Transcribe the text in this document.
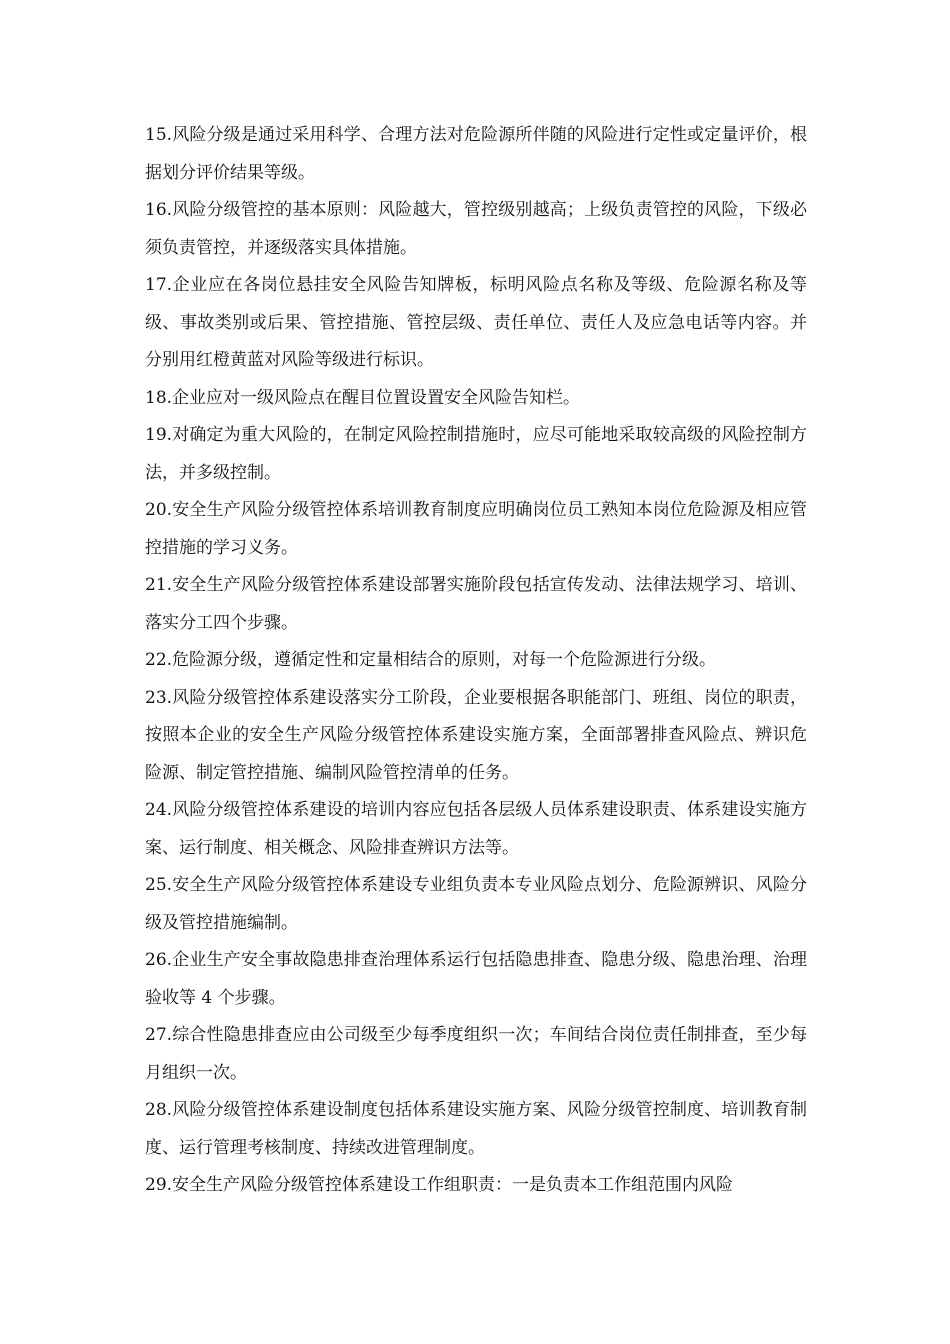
15.风险分级是通过采用科学、合理方法对危险源所伴随的风险进行定性或定量评价，根据划分评价结果等级。

16.风险分级管控的基本原则：风险越大，管控级别越高；上级负责管控的风险，下级必须负责管控，并逐级落实具体措施。

17.企业应在各岗位悬挂安全风险告知牌板，标明风险点名称及等级、危险源名称及等级、事故类别或后果、管控措施、管控层级、责任单位、责任人及应急电话等内容。并分别用红橙黄蓝对风险等级进行标识。

18.企业应对一级风险点在醒目位置设置安全风险告知栏。

19.对确定为重大风险的，在制定风险控制措施时，应尽可能地采取较高级的风险控制方法，并多级控制。

20.安全生产风险分级管控体系培训教育制度应明确岗位员工熟知本岗位危险源及相应管控措施的学习义务。

21.安全生产风险分级管控体系建设部署实施阶段包括宣传发动、法律法规学习、培训、落实分工四个步骤。

22.危险源分级，遵循定性和定量相结合的原则，对每一个危险源进行分级。

23.风险分级管控体系建设落实分工阶段，企业要根据各职能部门、班组、岗位的职责，按照本企业的安全生产风险分级管控体系建设实施方案，全面部署排查风险点、辨识危险源、制定管控措施、编制风险管控清单的任务。

24.风险分级管控体系建设的培训内容应包括各层级人员体系建设职责、体系建设实施方案、运行制度、相关概念、风险排查辨识方法等。

25.安全生产风险分级管控体系建设专业组负责本专业风险点划分、危险源辨识、风险分级及管控措施编制。

26.企业生产安全事故隐患排查治理体系运行包括隐患排查、隐患分级、隐患治理、治理验收等 4 个步骤。

27.综合性隐患排查应由公司级至少每季度组织一次；车间结合岗位责任制排查，至少每月组织一次。

28.风险分级管控体系建设制度包括体系建设实施方案、风险分级管控制度、培训教育制度、运行管理考核制度、持续改进管理制度。

29.安全生产风险分级管控体系建设工作组职责：一是负责本工作组范围内风险
